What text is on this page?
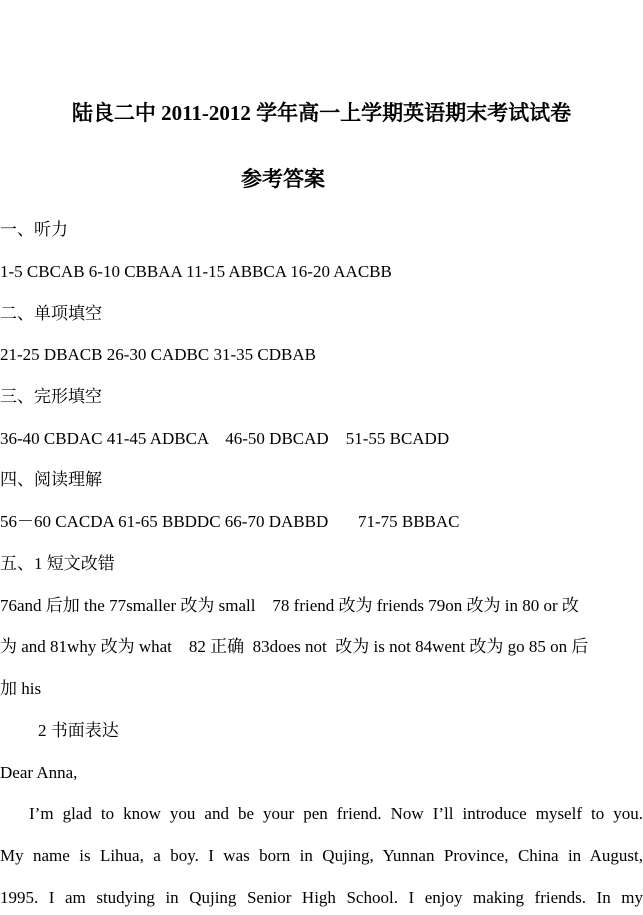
陆良二中 2011-2012 学年高一上学期英语期末考试试卷
参考答案
一、听力
1-5 CBCAB 6-10 CBBAA 11-15 ABBCA 16-20 AACBB
二、单项填空
21-25 DBACB 26-30 CADBC 31-35 CDBAB
三、完形填空
36-40 CBDAC 41-45 ADBCA    46-50 DBCAD    51-55 BCADD
四、阅读理解
56－60 CACDA 61-65 BBDDC 66-70 DABBD       71-75 BBBAC
五、1 短文改错
76and 后加 the 77smaller 改为 small    78 friend 改为 friends 79on 改为 in 80 or 改
为 and 81why 改为 what    82 正确  83does not  改为 is not 84went 改为 go 85 on 后
加 his
2 书面表达
Dear Anna,
I’m glad to know you and be your pen friend. Now I’ll introduce myself to you.
My name is Lihua, a boy. I was born in Qujing, Yunnan Province, China in August,
1995. I am studying in Qujing Senior High School. I enjoy making friends. In my
